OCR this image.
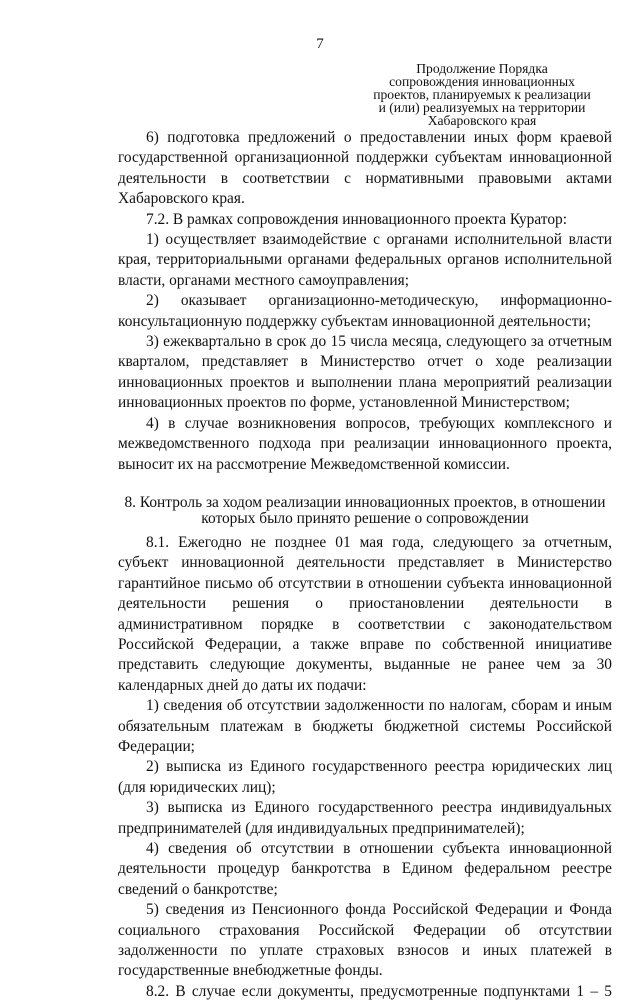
7
Продолжение Порядка
сопровождения инновационных
проектов, планируемых к реализации
и (или) реализуемых на территории
Хабаровского края

6) подготовка предложений о предоставлении иных форм краевой государственной организационной поддержки субъектам инновационной деятельности в соответствии с нормативными правовыми актами Хабаровского края.

7.2. В рамках сопровождения инновационного проекта Куратор:

1) осуществляет взаимодействие с органами исполнительной власти края, территориальными органами федеральных органов исполнительной власти, органами местного самоуправления;

2) оказывает организационно-методическую, информационно-консультационную поддержку субъектам инновационной деятельности;

3) ежеквартально в срок до 15 числа месяца, следующего за отчетным кварталом, представляет в Министерство отчет о ходе реализации инновационных проектов и выполнении плана мероприятий реализации инновационных проектов по форме, установленной Министерством;

4) в случае возникновения вопросов, требующих комплексного и межведомственного подхода при реализации инновационного проекта, выносит их на рассмотрение Межведомственной комиссии.

8. Контроль за ходом реализации инновационных проектов, в отношении которых было принято решение о сопровождении

8.1. Ежегодно не позднее 01 мая года, следующего за отчетным, субъект инновационной деятельности представляет в Министерство гарантийное письмо об отсутствии в отношении субъекта инновационной деятельности решения о приостановлении деятельности в административном порядке в соответствии с законодательством Российской Федерации, а также вправе по собственной инициативе представить следующие документы, выданные не ранее чем за 30 календарных дней до даты их подачи:

1) сведения об отсутствии задолженности по налогам, сборам и иным обязательным платежам в бюджеты бюджетной системы Российской Федерации;

2) выписка из Единого государственного реестра юридических лиц (для юридических лиц);

3) выписка из Единого государственного реестра индивидуальных предпринимателей (для индивидуальных предпринимателей);

4) сведения об отсутствии в отношении субъекта инновационной деятельности процедур банкротства в Едином федеральном реестре сведений о банкротстве;

5) сведения из Пенсионного фонда Российской Федерации и Фонда социального страхования Российской Федерации об отсутствии задолженности по уплате страховых взносов и иных платежей в государственные внебюджетные фонды.

8.2. В случае если документы, предусмотренные подпунктами 1 – 5
